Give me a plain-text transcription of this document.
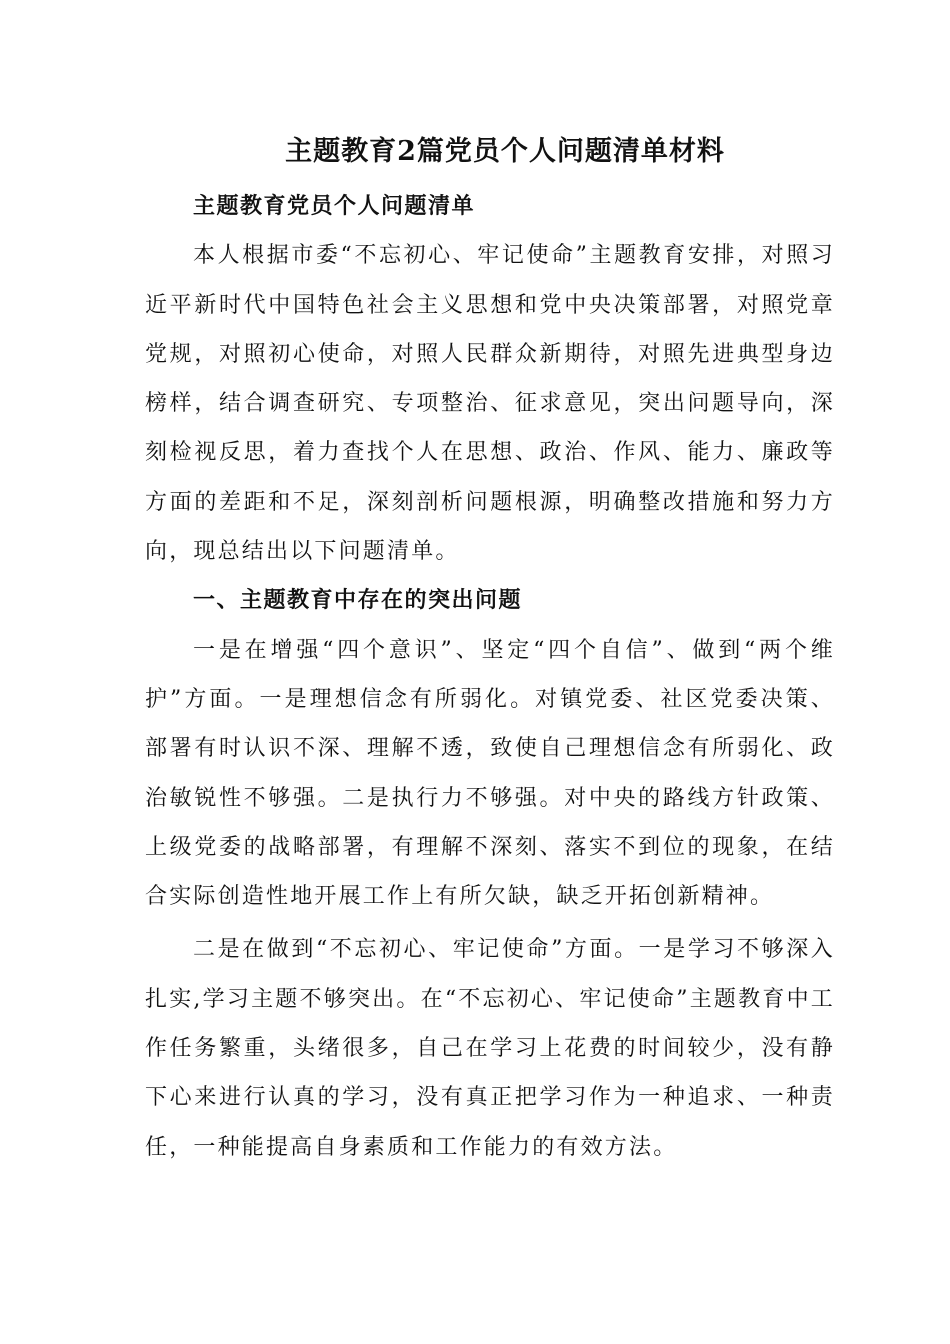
主题教育2篇党员个人问题清单材料

主题教育党员个人问题清单

本人根据市委“不忘初心、牢记使命”主题教育安排，对照习近平新时代中国特色社会主义思想和党中央决策部署，对照党章党规，对照初心使命，对照人民群众新期待，对照先进典型身边榜样，结合调查研究、专项整治、征求意见，突出问题导向，深刻检视反思，着力查找个人在思想、政治、作风、能力、廉政等方面的差距和不足，深刻剖析问题根源，明确整改措施和努力方向，现总结出以下问题清单。

一、主题教育中存在的突出问题

一是在增强“四个意识”、坚定“四个自信”、做到“两个维护”方面。一是理想信念有所弱化。对镇党委、社区党委决策、部署有时认识不深、理解不透，致使自己理想信念有所弱化、政治敏锐性不够强。二是执行力不够强。对中央的路线方针政策、上级党委的战略部署，有理解不深刻、落实不到位的现象，在结合实际创造性地开展工作上有所欠缺，缺乏开拓创新精神。

二是在做到“不忘初心、牢记使命”方面。一是学习不够深入扎实,学习主题不够突出。在“不忘初心、牢记使命”主题教育中工作任务繁重，头绪很多，自己在学习上花费的时间较少，没有静下心来进行认真的学习，没有真正把学习作为一种追求、一种责任，一种能提高自身素质和工作能力的有效方法。
